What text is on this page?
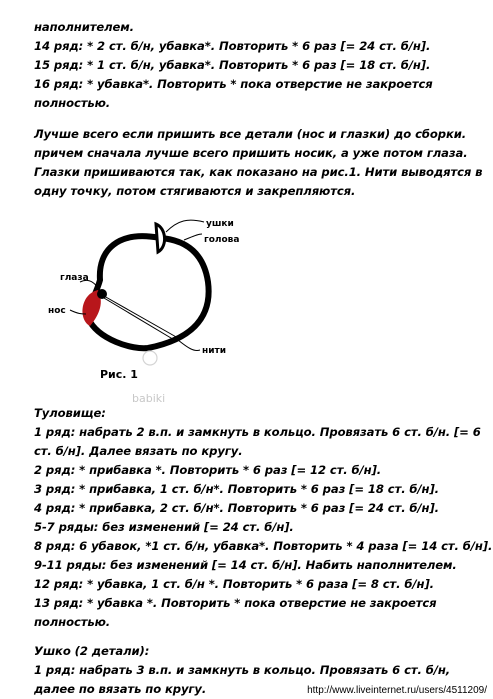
наполнителем.
14 ряд: * 2 ст. б/н, убавка*. Повторить * 6 раз [= 24 ст. б/н].
15 ряд: * 1 ст. б/н, убавка*. Повторить * 6 раз [= 18 ст. б/н].
16 ряд: * убавка*. Повторить * пока отверстие не закроется
полностью.
Лучше всего если пришить все детали (нос и глазки) до сборки.
причем сначала лучше всего пришить носик, а уже потом глаза.
Глазки пришиваются так, как показано на рис.1. Нити выводятся в
одну точку, потом стягиваются и закрепляются.
ушки
голова
глаза
нос
нити
Рис. 1
babiki
Туловище:
1 ряд: набрать 2 в.п. и замкнуть в кольцо. Провязать 6 ст. б/н. [= 6
ст. б/н]. Далее вязать по кругу.
2 ряд: * прибавка *. Повторить * 6 раз [= 12 ст. б/н].
3 ряд: * прибавка, 1 ст. б/н*. Повторить * 6 раз [= 18 ст. б/н].
4 ряд: * прибавка, 2 ст. б/н*. Повторить * 6 раз [= 24 ст. б/н].
5-7 ряды: без изменений [= 24 ст. б/н].
8 ряд: 6 убавок, *1 ст. б/н, убавка*. Повторить * 4 раза [= 14 ст. б/н].
9-11 ряды: без изменений [= 14 ст. б/н]. Набить наполнителем.
12 ряд: * убавка, 1 ст. б/н *. Повторить * 6 раза [= 8 ст. б/н].
13 ряд: * убавка *. Повторить * пока отверстие не закроется
полностью.
Ушко (2 детали):
1 ряд: набрать 3 в.п. и замкнуть в кольцо. Провязать 6 ст. б/н,
далее по вязать по кругу.	http://www.liveinternet.ru/users/4511209/
